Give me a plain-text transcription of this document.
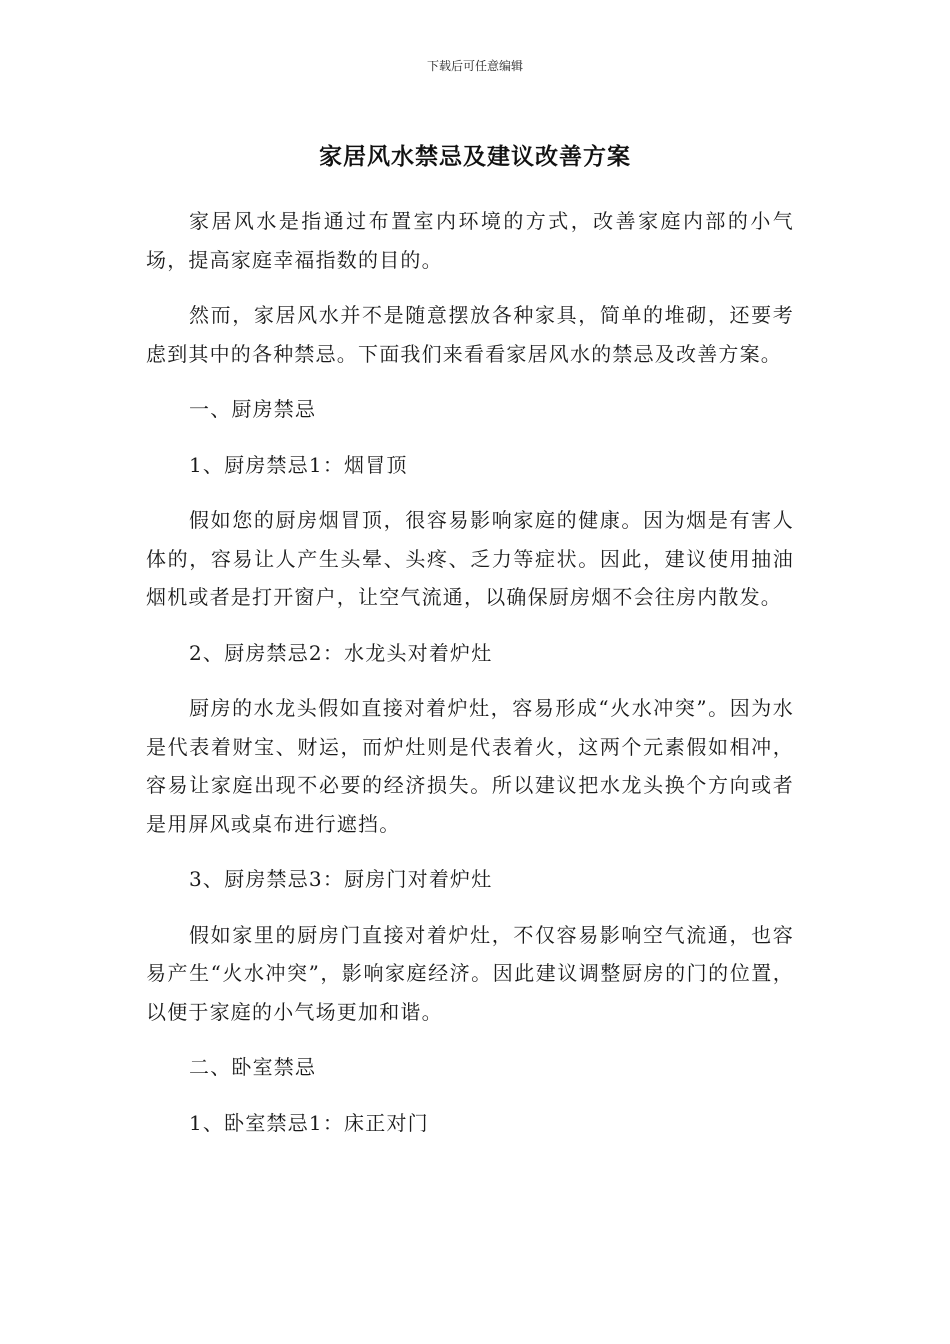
下载后可任意编辑
家居风水禁忌及建议改善方案

家居风水是指通过布置室内环境的方式，改善家庭内部的小气场，提高家庭幸福指数的目的。

然而，家居风水并不是随意摆放各种家具，简单的堆砌，还要考虑到其中的各种禁忌。下面我们来看看家居风水的禁忌及改善方案。

一、厨房禁忌

1、厨房禁忌1：烟冒顶

假如您的厨房烟冒顶，很容易影响家庭的健康。因为烟是有害人体的，容易让人产生头晕、头疼、乏力等症状。因此，建议使用抽油烟机或者是打开窗户，让空气流通，以确保厨房烟不会往房内散发。

2、厨房禁忌2：水龙头对着炉灶

厨房的水龙头假如直接对着炉灶，容易形成“火水冲突”。因为水是代表着财宝、财运，而炉灶则是代表着火，这两个元素假如相冲，容易让家庭出现不必要的经济损失。所以建议把水龙头换个方向或者是用屏风或桌布进行遮挡。

3、厨房禁忌3：厨房门对着炉灶

假如家里的厨房门直接对着炉灶，不仅容易影响空气流通，也容易产生“火水冲突”，影响家庭经济。因此建议调整厨房的门的位置，以便于家庭的小气场更加和谐。

二、卧室禁忌

1、卧室禁忌1：床正对门
